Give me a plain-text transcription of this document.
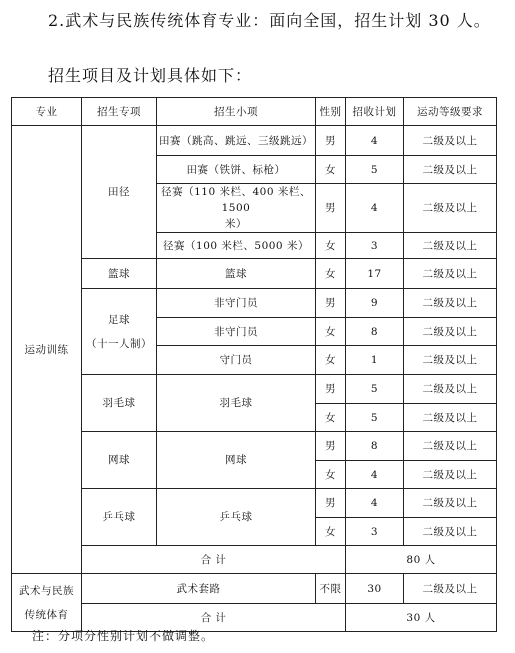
2.武术与民族传统体育专业：面向全国，招生计划 30 人。
招生项目及计划具体如下：
专业	招生专项	招生小项	性别	招收计划	运动等级要求
运动训练	田径	田赛（跳高、跳远、三级跳远）	男	4	二级及以上
		田赛（铁饼、标枪）	女	5	二级及以上

		径赛（110 米栏、400 米栏、1500
米）	男	4	二级及以上
		径赛（100 米栏、5000 米）	女	3	二级及以上
	篮球	篮球	女	17	二级及以上

	足球
（十一人制）	非守门员	男	9	二级及以上
		非守门员	女	8	二级及以上
		守门员	女	1	二级及以上
	羽毛球	羽毛球	男	5	二级及以上
			女	5	二级及以上
	网球	网球	男	8	二级及以上
			女	4	二级及以上
	乒乓球	乒乓球	男	4	二级及以上
			女	3	二级及以上
	合 计			80 人	

武术与民族
传统体育	武术套路		不限	30	二级及以上
	合 计			30 人	
注：分项分性别计划不做调整。
